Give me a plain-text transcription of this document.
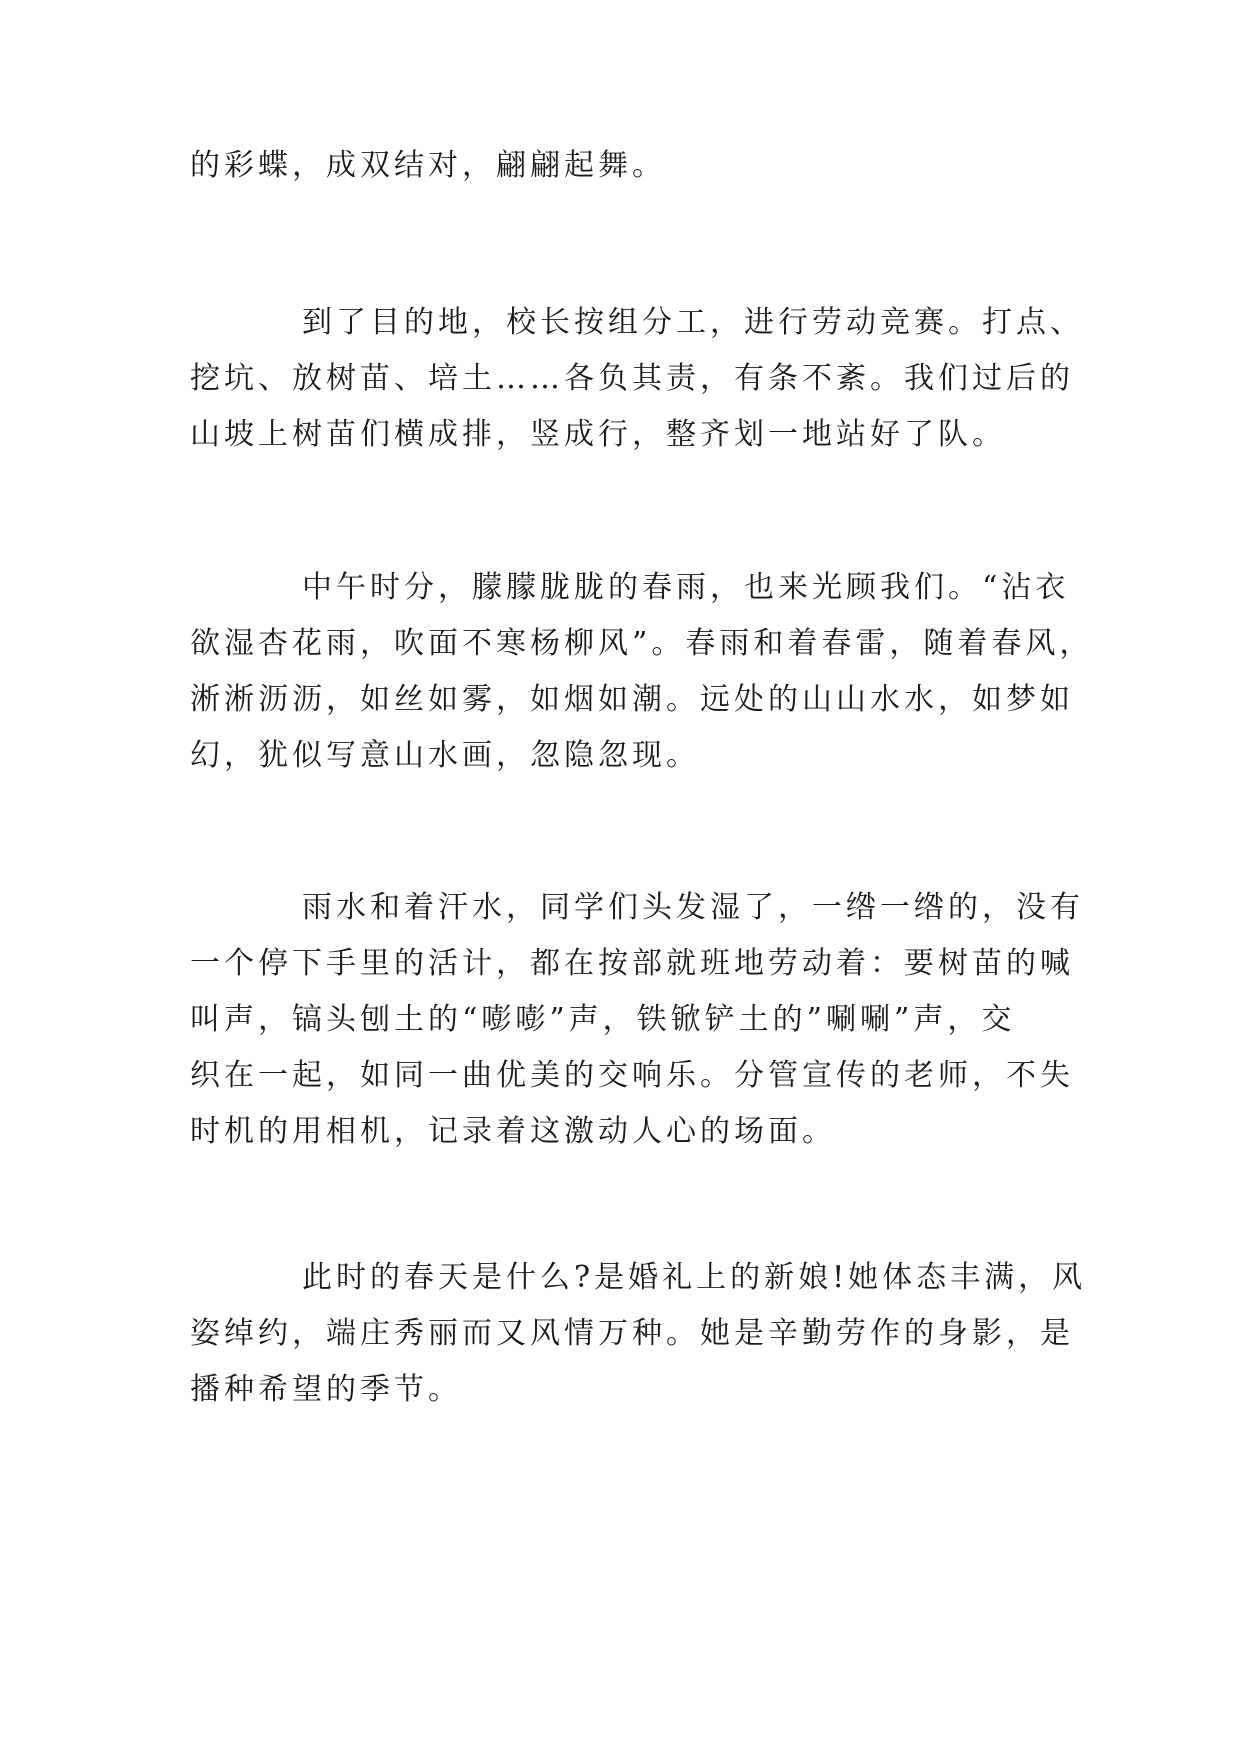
的彩蝶，成双结对，翩翩起舞。
到了目的地，校长按组分工，进行劳动竞赛。打点、
挖坑、放树苗、培土……各负其责，有条不紊。我们过后的
山坡上树苗们横成排，竖成行，整齐划一地站好了队。
中午时分，朦朦胧胧的春雨，也来光顾我们。“沾衣
欲湿杏花雨，吹面不寒杨柳风”。春雨和着春雷，随着春风，
淅淅沥沥，如丝如雾，如烟如潮。远处的山山水水，如梦如
幻，犹似写意山水画，忽隐忽现。
雨水和着汗水，同学们头发湿了，一绺一绺的，没有
一个停下手里的活计，都在按部就班地劳动着：要树苗的喊
叫声，镐头刨土的“嘭嘭”声，铁锨铲土的”唰唰”声，交
织在一起，如同一曲优美的交响乐。分管宣传的老师，不失
时机的用相机，记录着这激动人心的场面。
此时的春天是什么?是婚礼上的新娘!她体态丰满，风
姿绰约，端庄秀丽而又风情万种。她是辛勤劳作的身影，是
播种希望的季节。
